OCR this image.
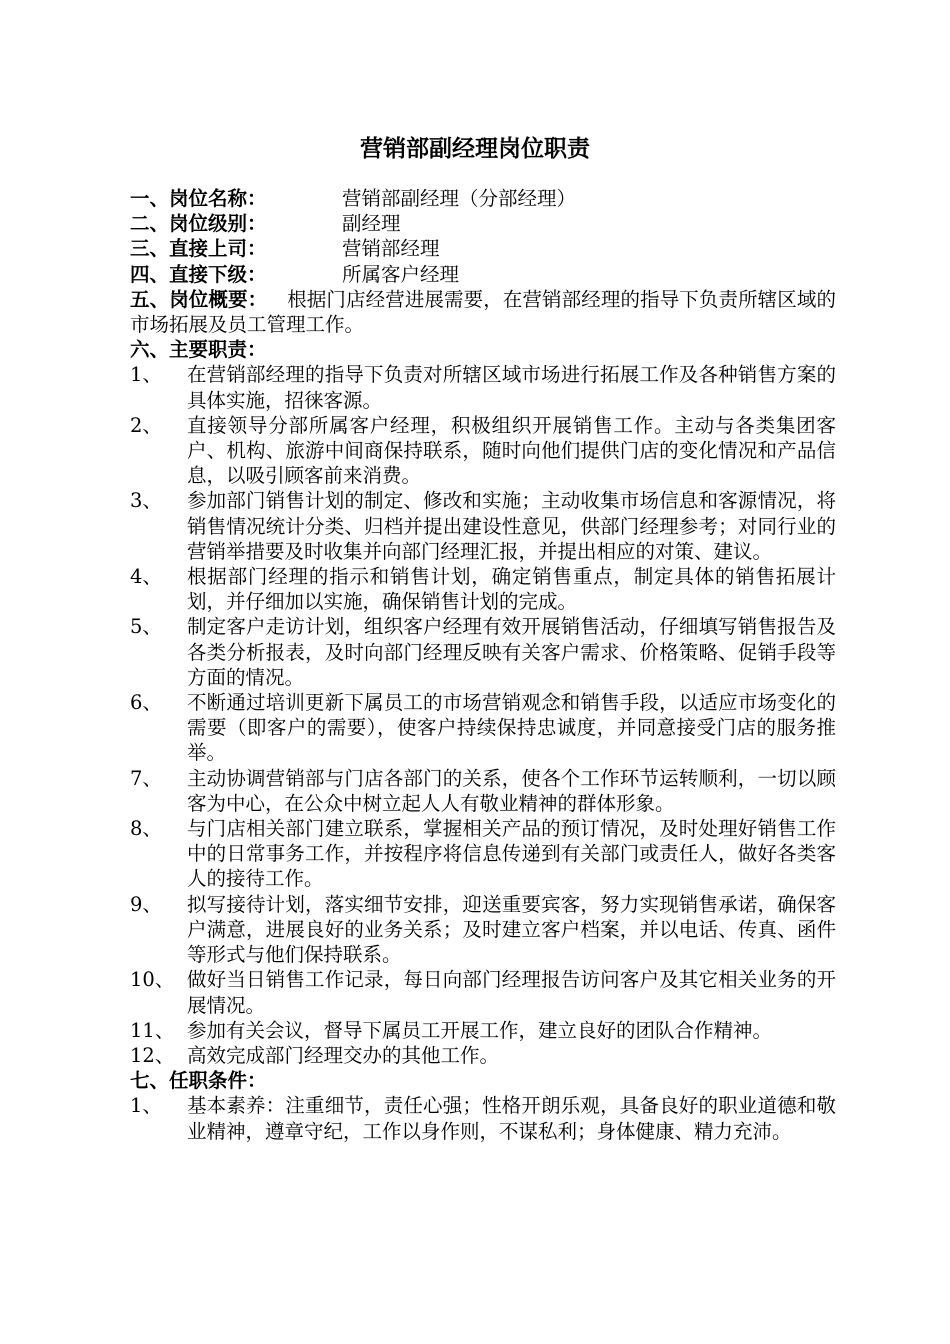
营销部副经理岗位职责
一、岗位名称：	营销部副经理（分部经理）
二、岗位级别：	副经理
三、直接上司：	营销部经理
四、直接下级：	所属客户经理
五、岗位概要： 根据门店经营进展需要，在营销部经理的指导下负责所辖区域的市场拓展及员工管理工作。
六、主要职责：
1、	在营销部经理的指导下负责对所辖区域市场进行拓展工作及各种销售方案的具体实施，招徕客源。
2、	直接领导分部所属客户经理，积极组织开展销售工作。主动与各类集团客户、机构、旅游中间商保持联系，随时向他们提供门店的变化情况和产品信息，以吸引顾客前来消费。
3、	参加部门销售计划的制定、修改和实施；主动收集市场信息和客源情况，将销售情况统计分类、归档并提出建设性意见，供部门经理参考；对同行业的营销举措要及时收集并向部门经理汇报，并提出相应的对策、建议。
4、	根据部门经理的指示和销售计划，确定销售重点，制定具体的销售拓展计划，并仔细加以实施，确保销售计划的完成。
5、	制定客户走访计划，组织客户经理有效开展销售活动，仔细填写销售报告及各类分析报表，及时向部门经理反映有关客户需求、价格策略、促销手段等方面的情况。
6、	不断通过培训更新下属员工的市场营销观念和销售手段，以适应市场变化的需要（即客户的需要），使客户持续保持忠诚度，并同意接受门店的服务推举。
7、	主动协调营销部与门店各部门的关系，使各个工作环节运转顺利，一切以顾客为中心，在公众中树立起人人有敬业精神的群体形象。
8、	与门店相关部门建立联系，掌握相关产品的预订情况，及时处理好销售工作中的日常事务工作，并按程序将信息传递到有关部门或责任人，做好各类客人的接待工作。
9、	拟写接待计划，落实细节安排，迎送重要宾客，努力实现销售承诺，确保客户满意，进展良好的业务关系；及时建立客户档案，并以电话、传真、函件等形式与他们保持联系。
10、 做好当日销售工作记录，每日向部门经理报告访问客户及其它相关业务的开展情况。
11、 参加有关会议，督导下属员工开展工作，建立良好的团队合作精神。
12、 高效完成部门经理交办的其他工作。
七、任职条件：
1、	基本素养：注重细节，责任心强；性格开朗乐观，具备良好的职业道德和敬业精神，遵章守纪，工作以身作则，不谋私利；身体健康、精力充沛。
